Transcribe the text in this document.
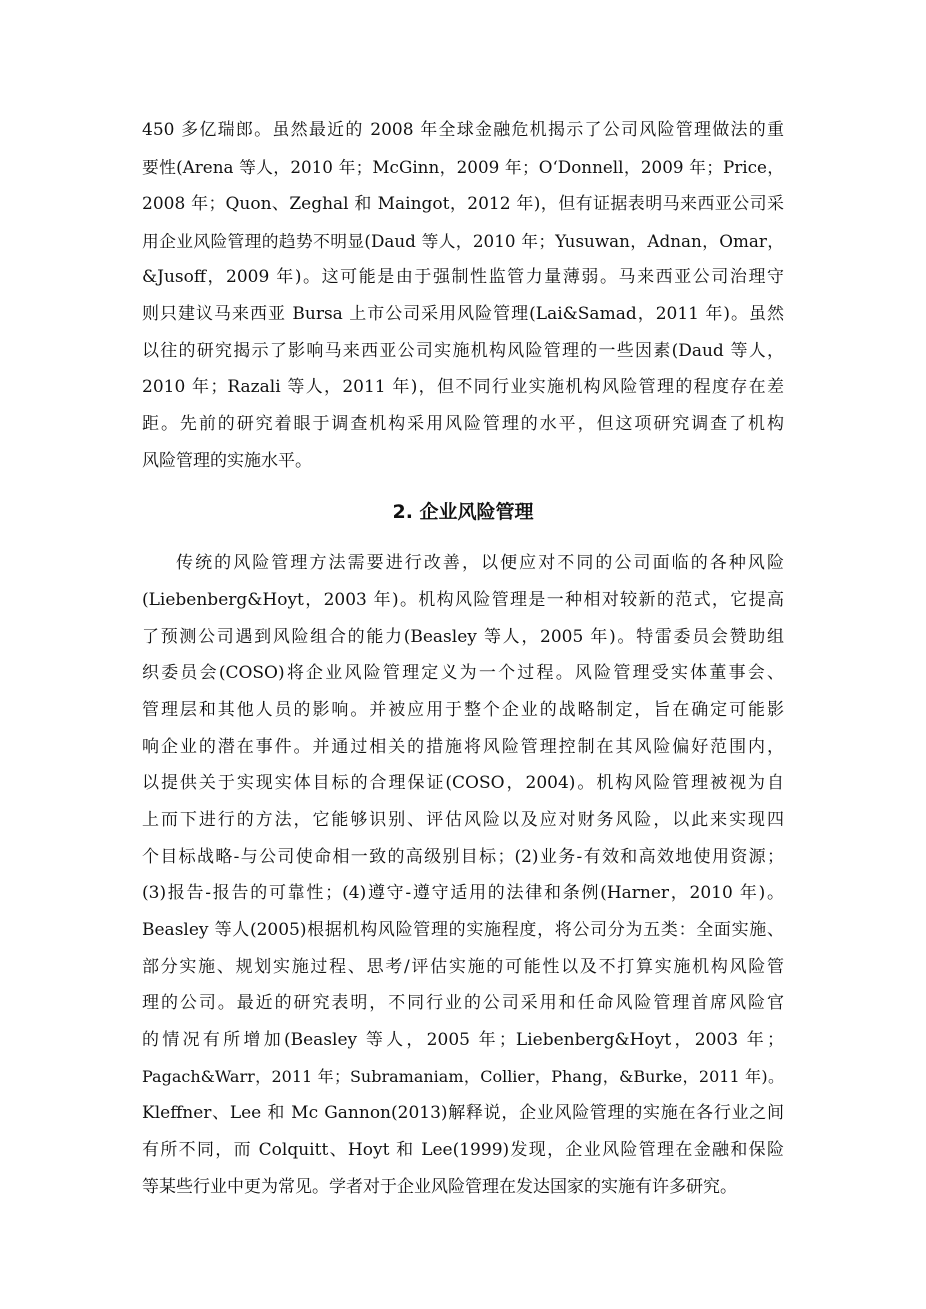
450 多亿瑞郎。虽然最近的 2008 年全球金融危机揭示了公司风险管理做法的重
要性(Arena 等人，2010 年；McGinn，2009 年；O‘Donnell，2009 年；Price，
2008 年；Quon、Zeghal 和 Maingot，2012 年)，但有证据表明马来西亚公司采
用企业风险管理的趋势不明显(Daud 等人，2010 年；Yusuwan，Adnan，Omar，
&Jusoff，2009 年)。这可能是由于强制性监管力量薄弱。马来西亚公司治理守
则只建议马来西亚 Bursa 上市公司采用风险管理(Lai&Samad，2011 年)。虽然
以往的研究揭示了影响马来西亚公司实施机构风险管理的一些因素(Daud 等人，
2010 年；Razali 等人，2011 年)，但不同行业实施机构风险管理的程度存在差
距。先前的研究着眼于调查机构采用风险管理的水平，但这项研究调查了机构
风险管理的实施水平。
2. 企业风险管理
传统的风险管理方法需要进行改善，以便应对不同的公司面临的各种风险
(Liebenberg&Hoyt，2003 年)。机构风险管理是一种相对较新的范式，它提高
了预测公司遇到风险组合的能力(Beasley 等人，2005 年)。特雷委员会赞助组
织委员会(COSO)将企业风险管理定义为一个过程。风险管理受实体董事会、
管理层和其他人员的影响。并被应用于整个企业的战略制定，旨在确定可能影
响企业的潜在事件。并通过相关的措施将风险管理控制在其风险偏好范围内，
以提供关于实现实体目标的合理保证(COSO，2004)。机构风险管理被视为自
上而下进行的方法，它能够识别、评估风险以及应对财务风险，以此来实现四
个目标战略-与公司使命相一致的高级别目标；(2)业务-有效和高效地使用资源；
(3)报告-报告的可靠性；(4)遵守-遵守适用的法律和条例(Harner，2010 年)。
Beasley 等人(2005)根据机构风险管理的实施程度，将公司分为五类：全面实施、
部分实施、规划实施过程、思考/评估实施的可能性以及不打算实施机构风险管
理的公司。最近的研究表明，不同行业的公司采用和任命风险管理首席风险官
的情况有所增加(Beasley 等人，2005 年；Liebenberg&Hoyt，2003 年；
Pagach&Warr，2011 年；Subramaniam，Collier，Phang，&Burke，2011 年)。
Kleffner、Lee 和 Mc Gannon(2013)解释说，企业风险管理的实施在各行业之间
有所不同，而 Colquitt、Hoyt 和 Lee(1999)发现，企业风险管理在金融和保险
等某些行业中更为常见。学者对于企业风险管理在发达国家的实施有许多研究。
